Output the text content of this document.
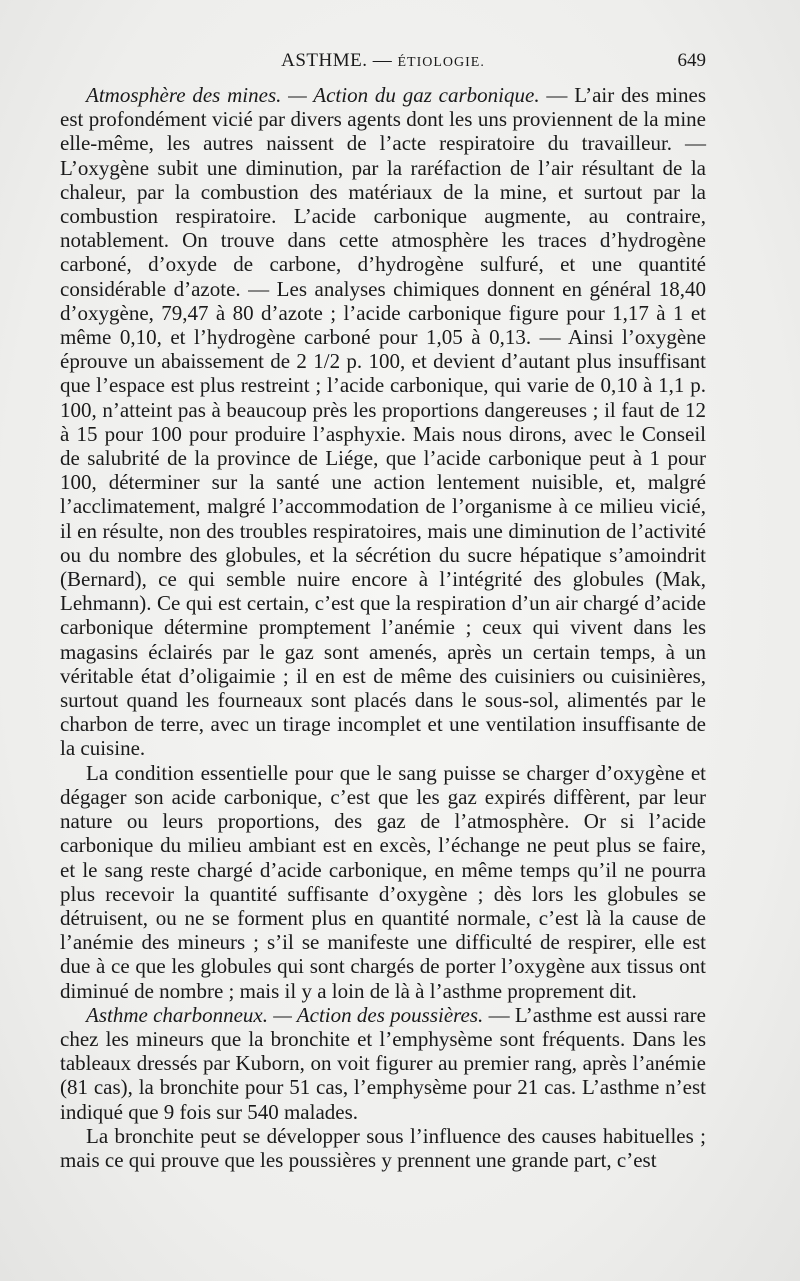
ASTHME. — ÉTIOLOGIE.	649

Atmosphère des mines. — Action du gaz carbonique. — L’air des mines est profondément vicié par divers agents dont les uns proviennent de la mine elle-même, les autres naissent de l’acte respiratoire du travailleur. — L’oxygène subit une diminution, par la raréfaction de l’air résultant de la chaleur, par la combustion des matériaux de la mine, et surtout par la combustion respiratoire. L’acide carbonique augmente, au contraire, notablement. On trouve dans cette atmosphère les traces d’hydrogène carboné, d’oxyde de carbone, d’hydrogène sulfuré, et une quantité considérable d’azote. — Les analyses chimiques donnent en général 18,40 d’oxygène, 79,47 à 80 d’azote ; l’acide carbonique figure pour 1,17 à 1 et même 0,10, et l’hydrogène carboné pour 1,05 à 0,13. — Ainsi l’oxygène éprouve un abaissement de 2 1/2 p. 100, et devient d’autant plus insuffisant que l’espace est plus restreint ; l’acide carbonique, qui varie de 0,10 à 1,1 p. 100, n’atteint pas à beaucoup près les proportions dangereuses ; il faut de 12 à 15 pour 100 pour produire l’asphyxie. Mais nous dirons, avec le Conseil de salubrité de la province de Liége, que l’acide carbonique peut à 1 pour 100, déterminer sur la santé une action lentement nuisible, et, malgré l’acclimatement, malgré l’accommodation de l’organisme à ce milieu vicié, il en résulte, non des troubles respiratoires, mais une diminution de l’activité ou du nombre des globules, et la sécrétion du sucre hépatique s’amoindrit (Bernard), ce qui semble nuire encore à l’intégrité des globules (Mak, Lehmann). Ce qui est certain, c’est que la respiration d’un air chargé d’acide carbonique détermine promptement l’anémie ; ceux qui vivent dans les magasins éclairés par le gaz sont amenés, après un certain temps, à un véritable état d’oligaimie ; il en est de même des cuisiniers ou cuisinières, surtout quand les fourneaux sont placés dans le sous-sol, alimentés par le charbon de terre, avec un tirage incomplet et une ventilation insuffisante de la cuisine.

La condition essentielle pour que le sang puisse se charger d’oxygène et dégager son acide carbonique, c’est que les gaz expirés diffèrent, par leur nature ou leurs proportions, des gaz de l’atmosphère. Or si l’acide carbonique du milieu ambiant est en excès, l’échange ne peut plus se faire, et le sang reste chargé d’acide carbonique, en même temps qu’il ne pourra plus recevoir la quantité suffisante d’oxygène ; dès lors les globules se détruisent, ou ne se forment plus en quantité normale, c’est là la cause de l’anémie des mineurs ; s’il se manifeste une difficulté de respirer, elle est due à ce que les globules qui sont chargés de porter l’oxygène aux tissus ont diminué de nombre ; mais il y a loin de là à l’asthme proprement dit.

Asthme charbonneux. — Action des poussières. — L’asthme est aussi rare chez les mineurs que la bronchite et l’emphysème sont fréquents. Dans les tableaux dressés par Kuborn, on voit figurer au premier rang, après l’anémie (81 cas), la bronchite pour 51 cas, l’emphysème pour 21 cas. L’asthme n’est indiqué que 9 fois sur 540 malades.

La bronchite peut se développer sous l’influence des causes habituelles ; mais ce qui prouve que les poussières y prennent une grande part, c’est
